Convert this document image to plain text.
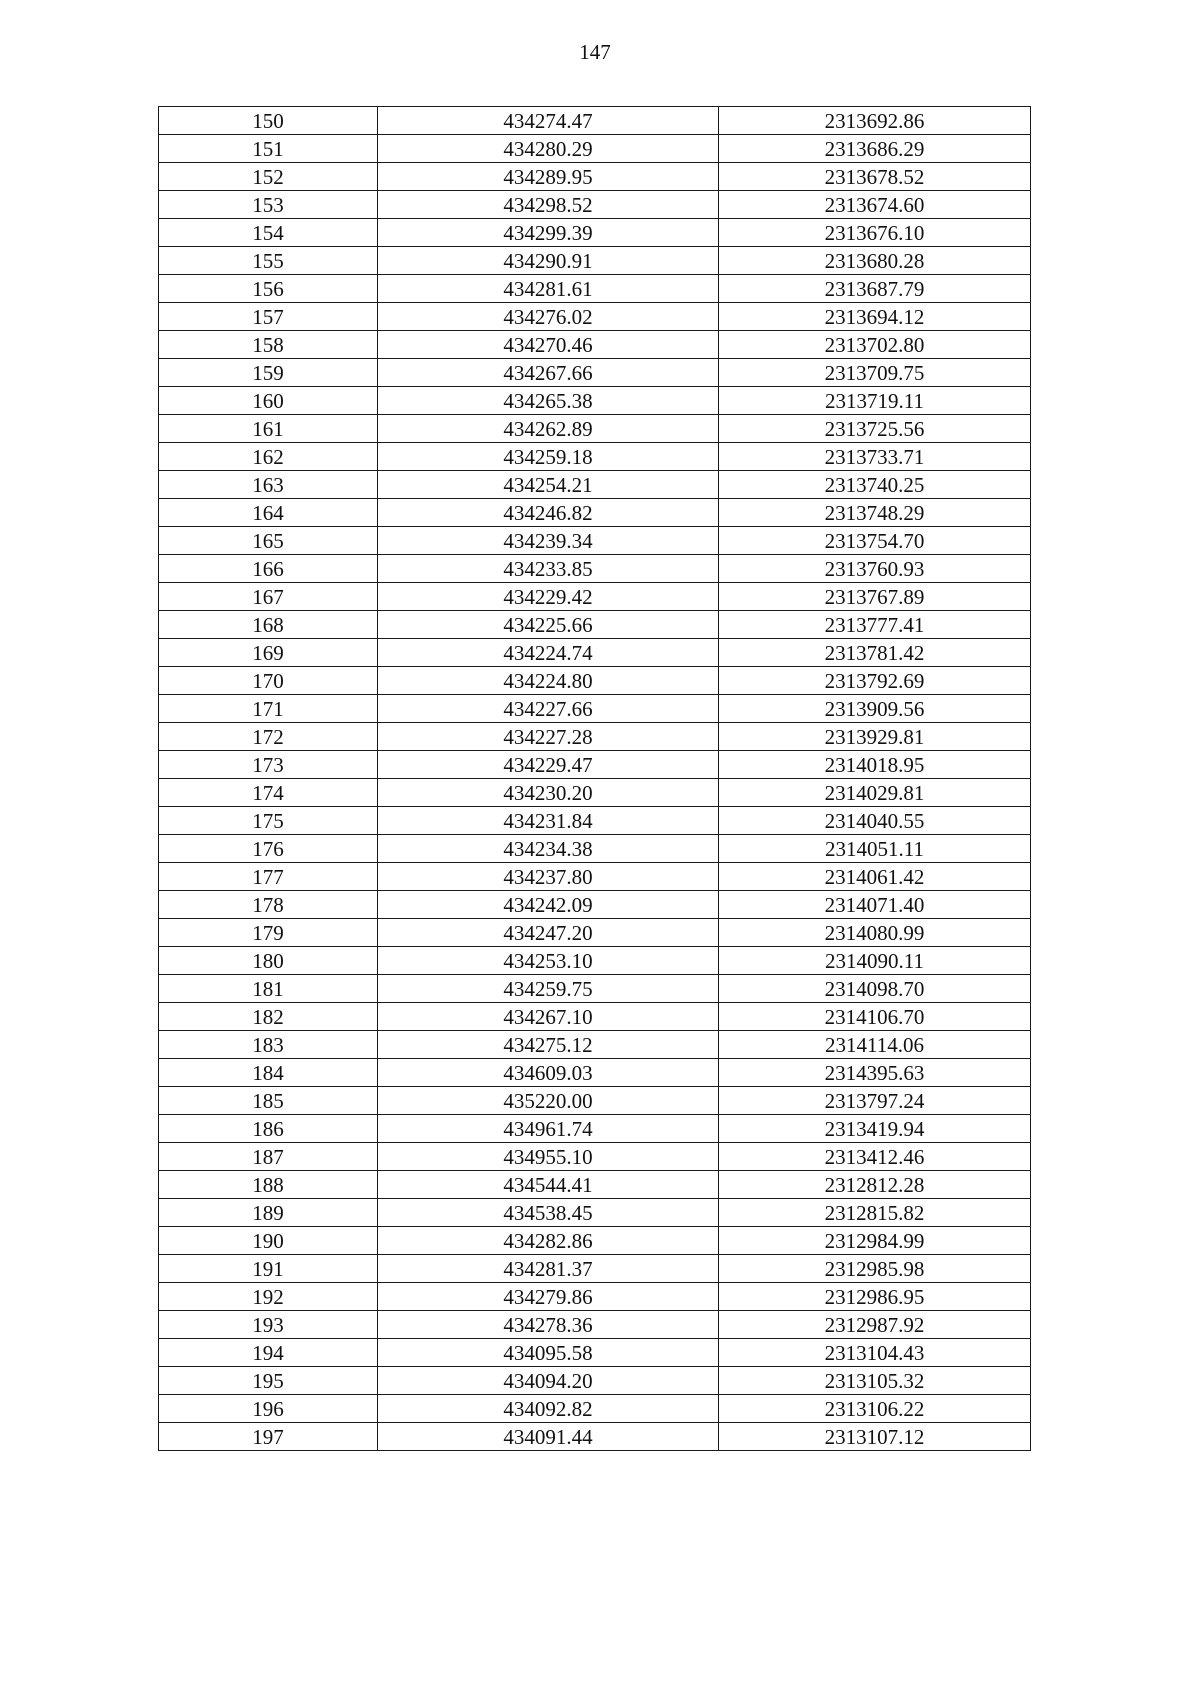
147
150	434274.47	2313692.86
151	434280.29	2313686.29
152	434289.95	2313678.52
153	434298.52	2313674.60
154	434299.39	2313676.10
155	434290.91	2313680.28
156	434281.61	2313687.79
157	434276.02	2313694.12
158	434270.46	2313702.80
159	434267.66	2313709.75
160	434265.38	2313719.11
161	434262.89	2313725.56
162	434259.18	2313733.71
163	434254.21	2313740.25
164	434246.82	2313748.29
165	434239.34	2313754.70
166	434233.85	2313760.93
167	434229.42	2313767.89
168	434225.66	2313777.41
169	434224.74	2313781.42
170	434224.80	2313792.69
171	434227.66	2313909.56
172	434227.28	2313929.81
173	434229.47	2314018.95
174	434230.20	2314029.81
175	434231.84	2314040.55
176	434234.38	2314051.11
177	434237.80	2314061.42
178	434242.09	2314071.40
179	434247.20	2314080.99
180	434253.10	2314090.11
181	434259.75	2314098.70
182	434267.10	2314106.70
183	434275.12	2314114.06
184	434609.03	2314395.63
185	435220.00	2313797.24
186	434961.74	2313419.94
187	434955.10	2313412.46
188	434544.41	2312812.28
189	434538.45	2312815.82
190	434282.86	2312984.99
191	434281.37	2312985.98
192	434279.86	2312986.95
193	434278.36	2312987.92
194	434095.58	2313104.43
195	434094.20	2313105.32
196	434092.82	2313106.22
197	434091.44	2313107.12
